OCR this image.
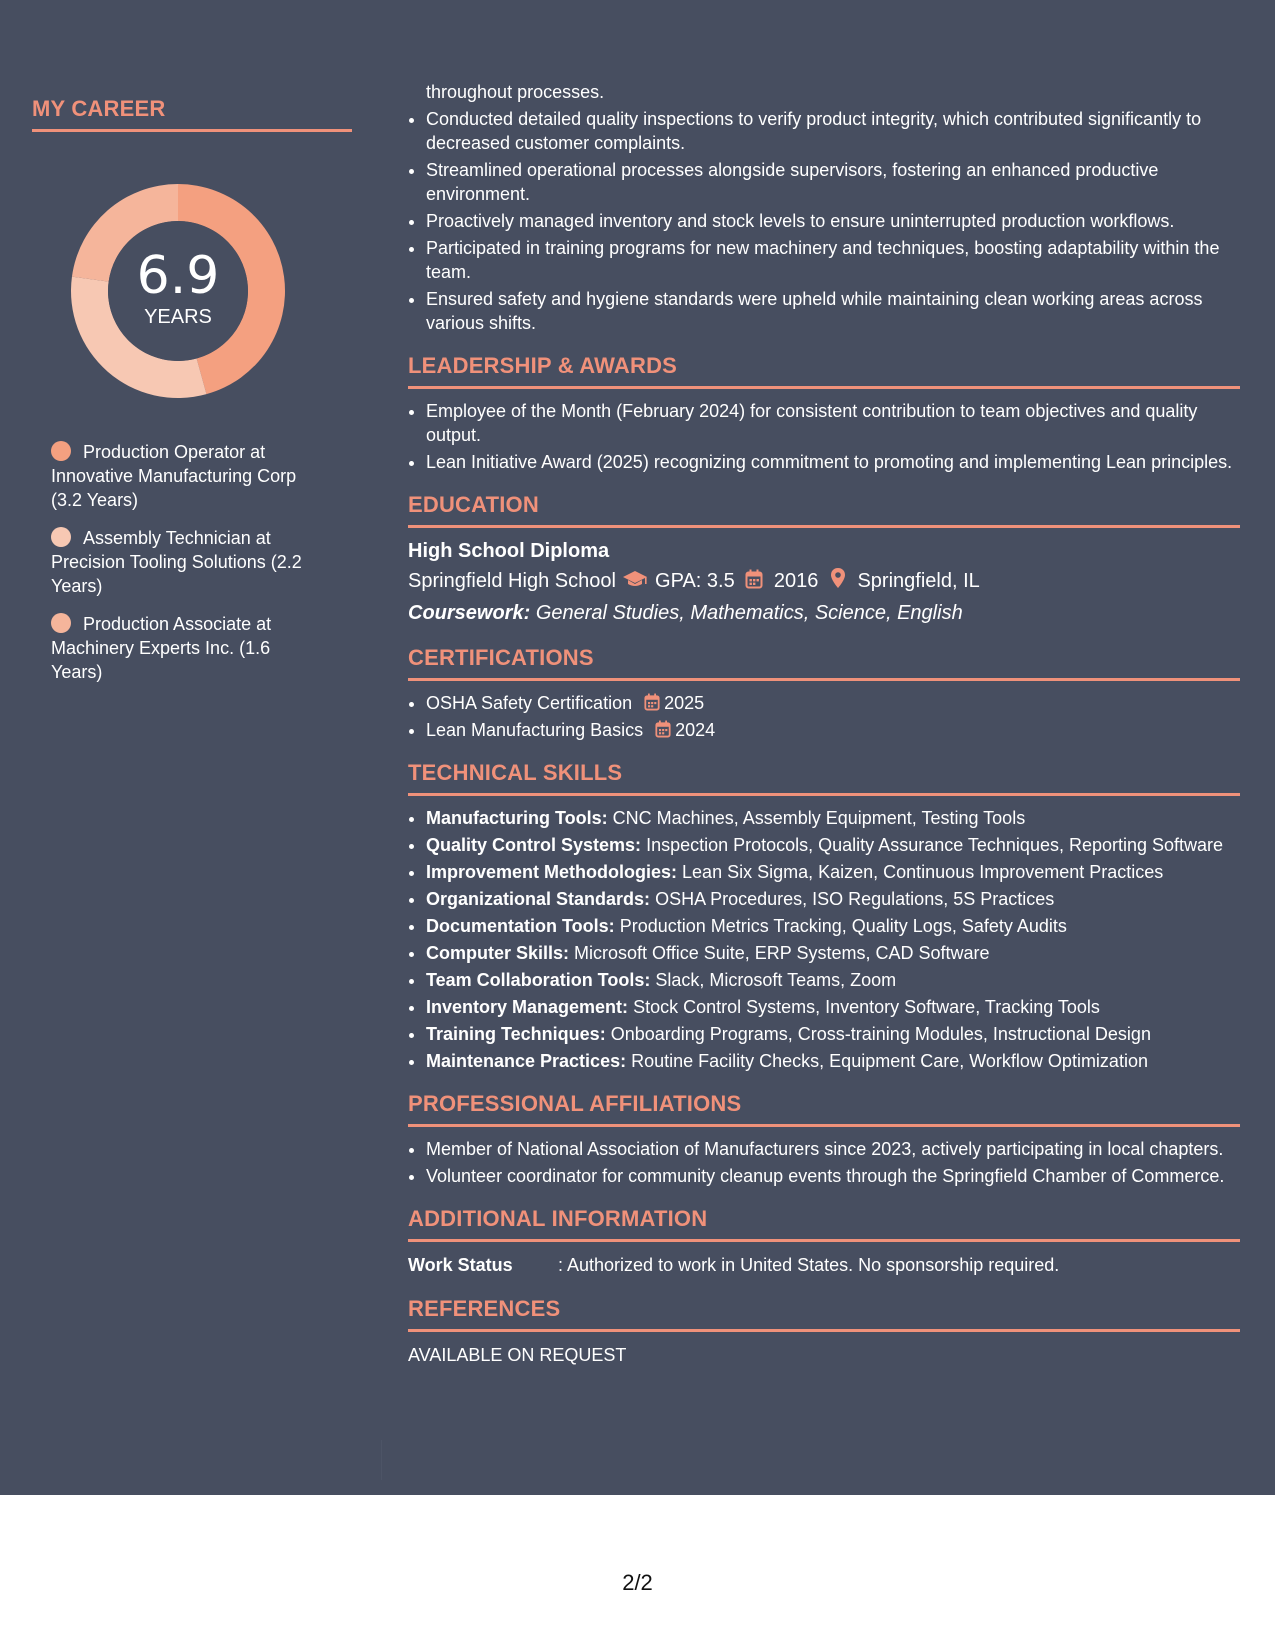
MY CAREER
6.9
YEARS
Production Operator at Innovative Manufacturing Corp (3.2 Years)
Assembly Technician at Precision Tooling Solutions (2.2 Years)
Production Associate at Machinery Experts Inc. (1.6 Years)
throughout processes.
• Conducted detailed quality inspections to verify product integrity, which contributed significantly to decreased customer complaints.
• Streamlined operational processes alongside supervisors, fostering an enhanced productive environment.
• Proactively managed inventory and stock levels to ensure uninterrupted production workflows.
• Participated in training programs for new machinery and techniques, boosting adaptability within the team.
• Ensured safety and hygiene standards were upheld while maintaining clean working areas across various shifts.
LEADERSHIP & AWARDS
• Employee of the Month (February 2024) for consistent contribution to team objectives and quality output.
• Lean Initiative Award (2025) recognizing commitment to promoting and implementing Lean principles.
EDUCATION
High School Diploma
Springfield High School GPA: 3.5 2016 Springfield, IL
Coursework: General Studies, Mathematics, Science, English
CERTIFICATIONS
• OSHA Safety Certification 2025
• Lean Manufacturing Basics 2024
TECHNICAL SKILLS
• Manufacturing Tools: CNC Machines, Assembly Equipment, Testing Tools
• Quality Control Systems: Inspection Protocols, Quality Assurance Techniques, Reporting Software
• Improvement Methodologies: Lean Six Sigma, Kaizen, Continuous Improvement Practices
• Organizational Standards: OSHA Procedures, ISO Regulations, 5S Practices
• Documentation Tools: Production Metrics Tracking, Quality Logs, Safety Audits
• Computer Skills: Microsoft Office Suite, ERP Systems, CAD Software
• Team Collaboration Tools: Slack, Microsoft Teams, Zoom
• Inventory Management: Stock Control Systems, Inventory Software, Tracking Tools
• Training Techniques: Onboarding Programs, Cross-training Modules, Instructional Design
• Maintenance Practices: Routine Facility Checks, Equipment Care, Workflow Optimization
PROFESSIONAL AFFILIATIONS
• Member of National Association of Manufacturers since 2023, actively participating in local chapters.
• Volunteer coordinator for community cleanup events through the Springfield Chamber of Commerce.
ADDITIONAL INFORMATION
Work Status	: Authorized to work in United States. No sponsorship required.
REFERENCES
AVAILABLE ON REQUEST
2/2
